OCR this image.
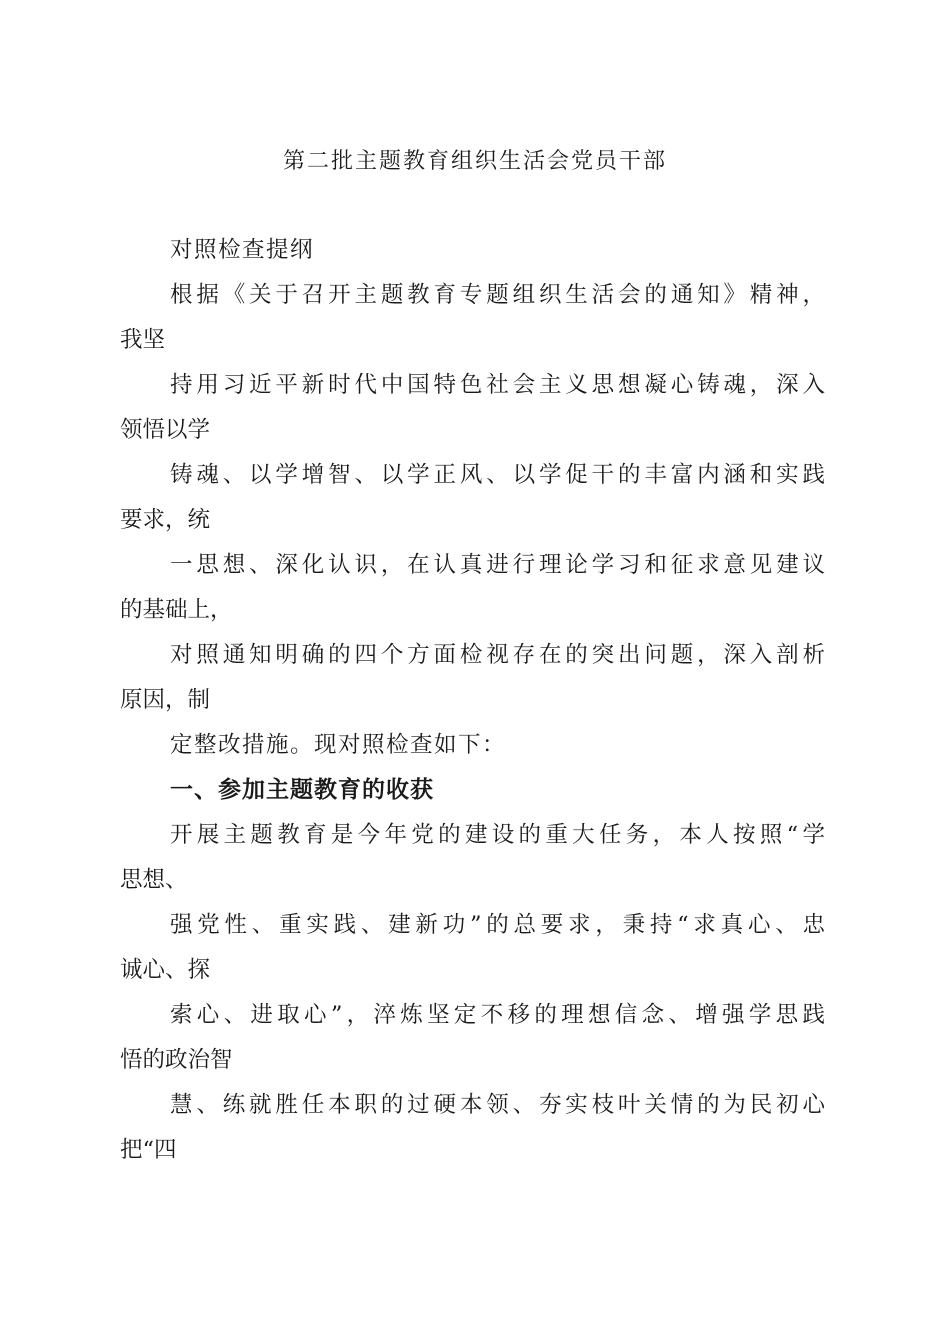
第二批主题教育组织生活会党员干部
对照检查提纲
根据《关于召开主题教育专题组织生活会的通知》精神，
我坚
持用习近平新时代中国特色社会主义思想凝心铸魂，深入
领悟以学
铸魂、以学增智、以学正风、以学促干的丰富内涵和实践
要求，统
一思想、深化认识，在认真进行理论学习和征求意见建议
的基础上，
对照通知明确的四个方面检视存在的突出问题，深入剖析
原因，制
定整改措施。现对照检查如下：
一、参加主题教育的收获
开展主题教育是今年党的建设的重大任务，本人按照“学
思想、
强党性、重实践、建新功”的总要求，秉持“求真心、忠
诚心、探
索心、进取心”，淬炼坚定不移的理想信念、增强学思践
悟的政治智
慧、练就胜任本职的过硬本领、夯实枝叶关情的为民初心
把“四
